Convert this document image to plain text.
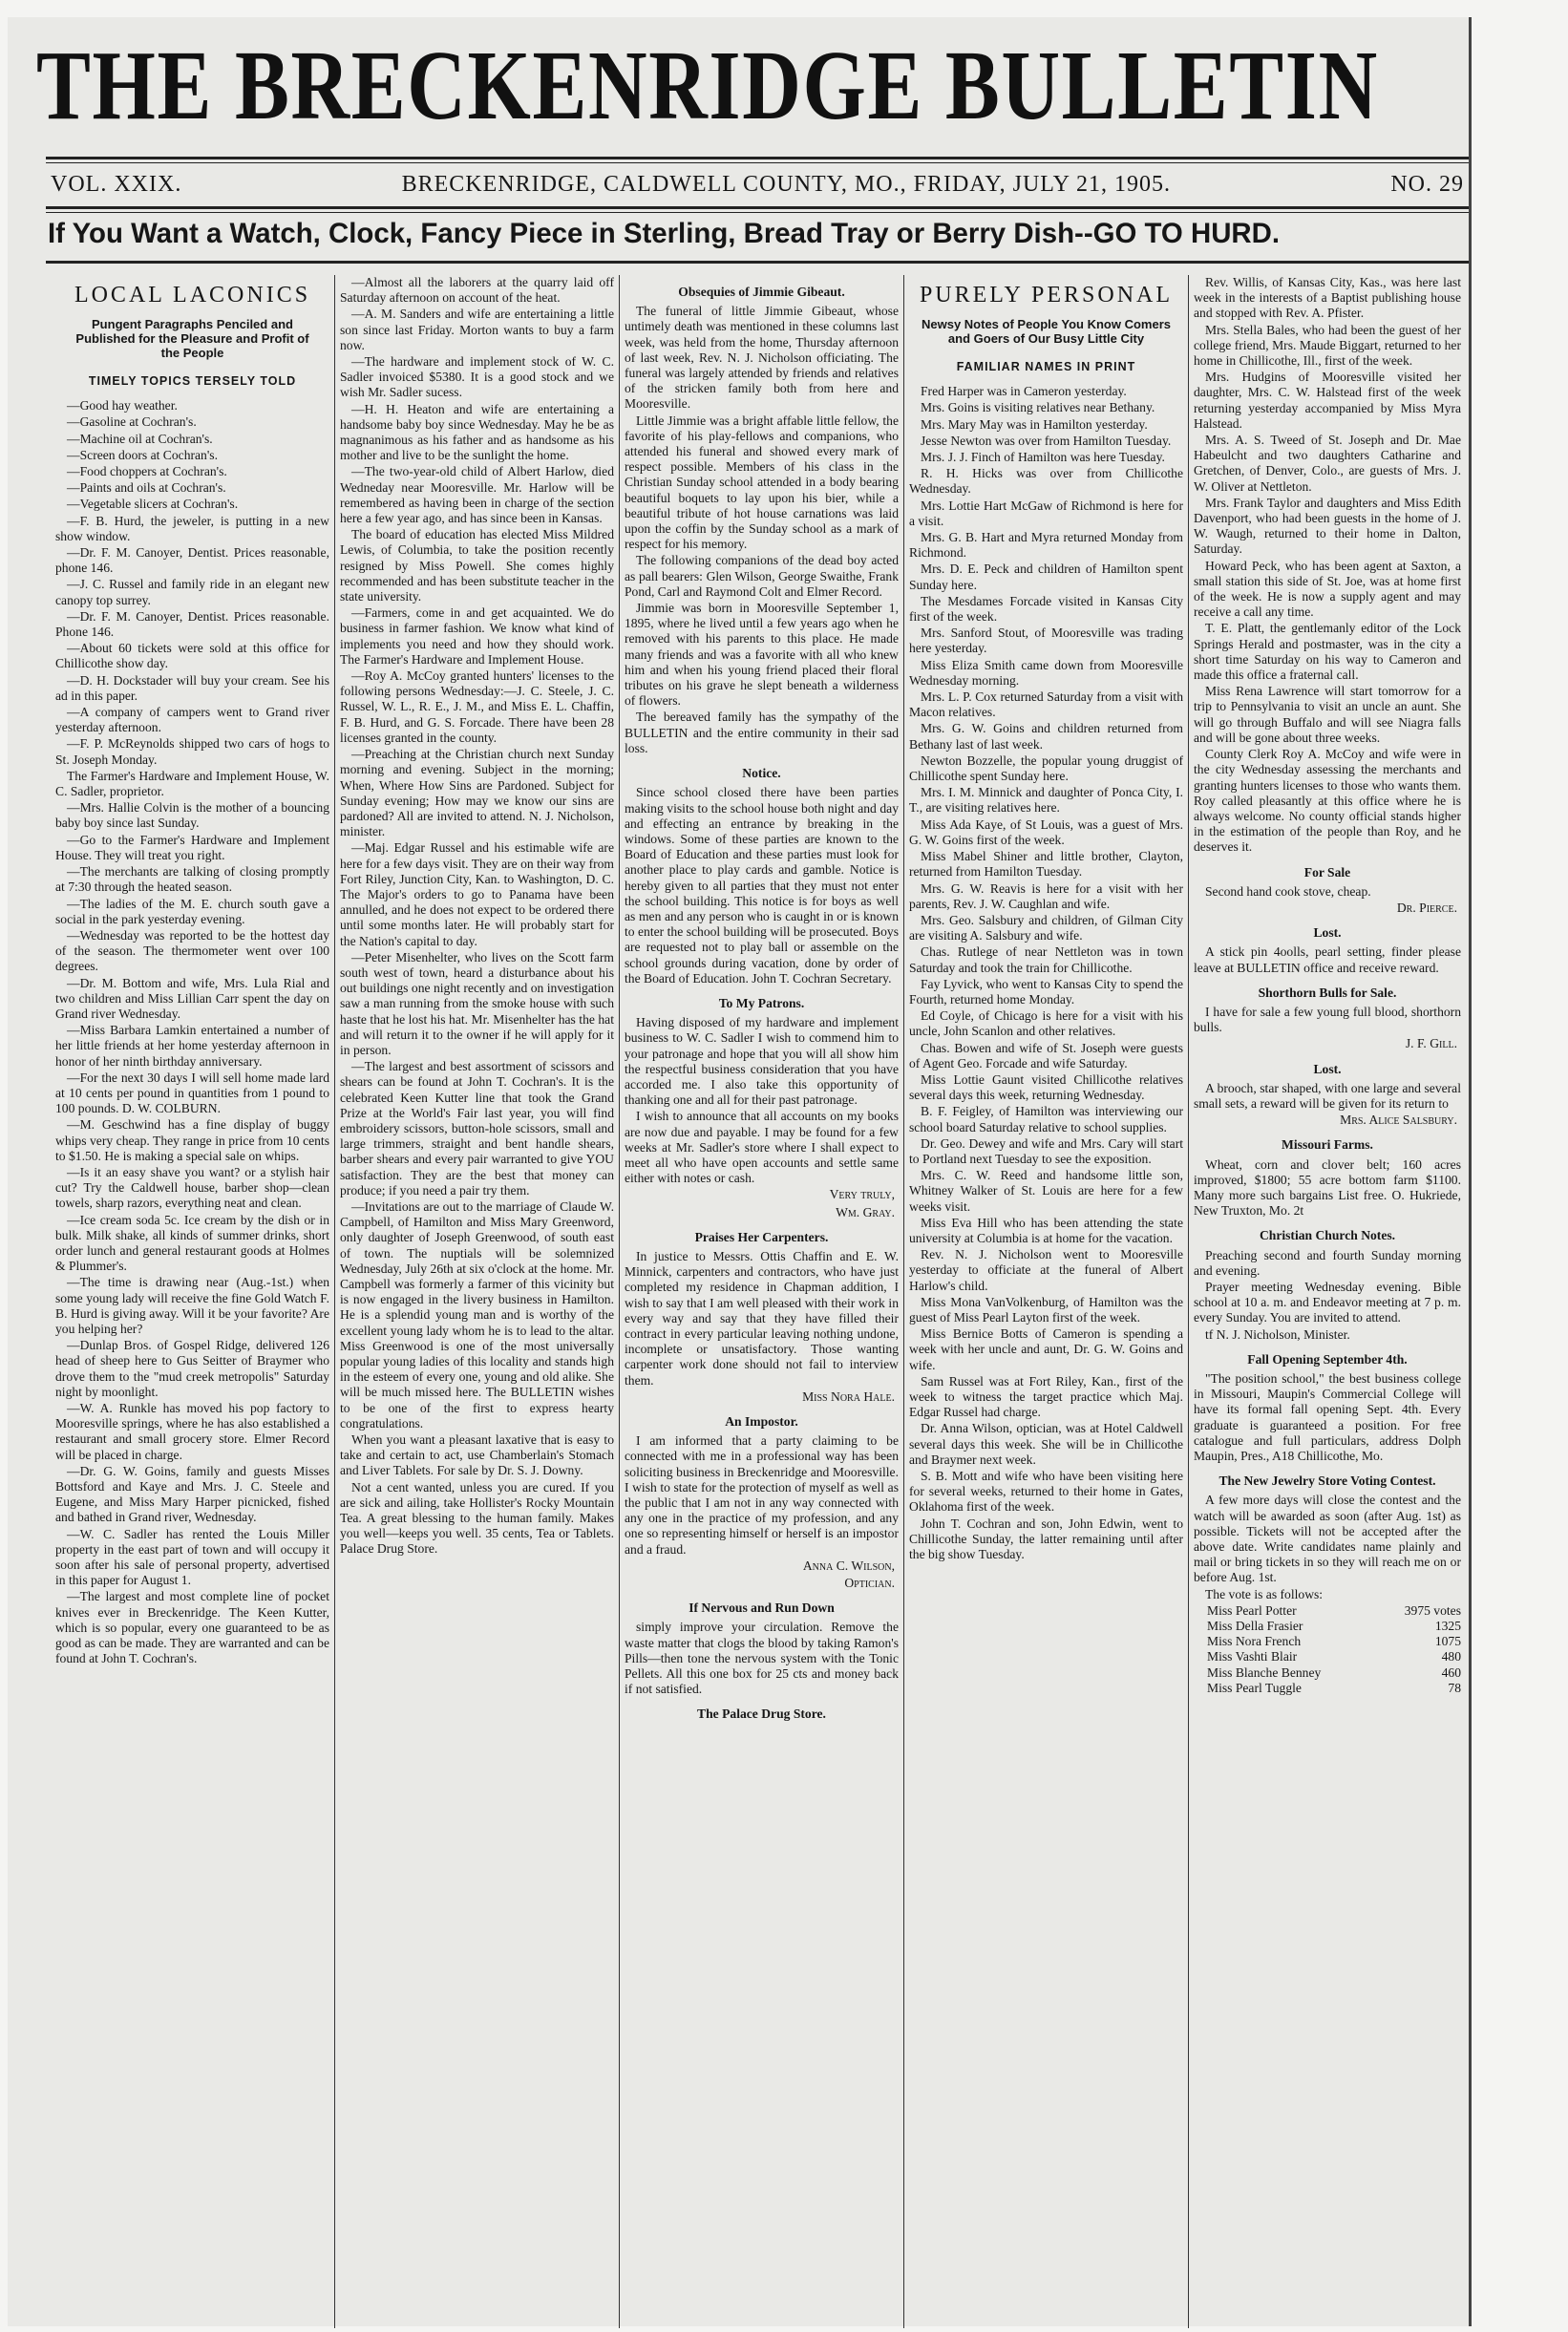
THE BRECKENRIDGE BULLETIN
VOL. XXIX.	BRECKENRIDGE, CALDWELL COUNTY, MO., FRIDAY, JULY 21, 1905.	NO. 29
If You Want a Watch, Clock, Fancy Piece in Sterling, Bread Tray or Berry Dish--GO TO HURD.
LOCAL LACONICS
Pungent Paragraphs Penciled and Published for the Pleasure and Profit of the People
TIMELY TOPICS TERSELY TOLD
—Good hay weather.
—Gasoline at Cochran's.
—Machine oil at Cochran's.
—Screen doors at Cochran's.
—Food choppers at Cochran's.
—Paints and oils at Cochran's.
—Vegetable slicers at Cochran's.
—F. B. Hurd, the jeweler, is putting in a new show window.
—Dr. F. M. Canoyer, Dentist. Prices reasonable, phone 146.
—J. C. Russel and family ride in an elegant new canopy top surrey.
—Dr. F. M. Canoyer, Dentist. Prices reasonable. Phone 146.
—About 60 tickets were sold at this office for Chillicothe show day.
—D. H. Dockstader will buy your cream. See his ad in this paper.
—A company of campers went to Grand river yesterday afternoon.
—F. P. McReynolds shipped two cars of hogs to St. Joseph Monday.
The Farmer's Hardware and Implement House, W. C. Sadler, proprietor.
—Mrs. Hallie Colvin is the mother of a bouncing baby boy since last Sunday.
—Go to the Farmer's Hardware and Implement House. They will treat you right.
—The merchants are talking of closing promptly at 7:30 through the heated season.
—The ladies of the M. E. church south gave a social in the park yesterday evening.
—Wednesday was reported to be the hottest day of the season. The thermometer went over 100 degrees.
—Dr. M. Bottom and wife, Mrs. Lula Rial and two children and Miss Lillian Carr spent the day on Grand river Wednesday.
—Miss Barbara Lamkin entertained a number of her little friends at her home yesterday afternoon in honor of her ninth birthday anniversary.
—For the next 30 days I will sell home made lard at 10 cents per pound in quantities from 1 pound to 100 pounds. D. W. COLBURN.
—M. Geschwind has a fine display of buggy whips very cheap. They range in price from 10 cents to $1.50. He is making a special sale on whips.
—Is it an easy shave you want? or a stylish hair cut? Try the Caldwell house, barber shop—clean towels, sharp razors, everything neat and clean.
—Ice cream soda 5c. Ice cream by the dish or in bulk. Milk shake, all kinds of summer drinks, short order lunch and general restaurant goods at Holmes & Plummer's.
—The time is drawing near (Aug.-1st.) when some young lady will receive the fine Gold Watch F. B. Hurd is giving away. Will it be your favorite? Are you helping her?
—Dunlap Bros. of Gospel Ridge, delivered 126 head of sheep here to Gus Seitter of Braymer who drove them to the "mud creek metropolis" Saturday night by moonlight.
—W. A. Runkle has moved his pop factory to Mooresville springs, where he has also established a restaurant and small grocery store. Elmer Record will be placed in charge.
—Dr. G. W. Goins, family and guests Misses Bottsford and Kaye and Mrs. J. C. Steele and Eugene, and Miss Mary Harper picnicked, fished and bathed in Grand river, Wednesday.
—W. C. Sadler has rented the Louis Miller property in the east part of town and will occupy it soon after his sale of personal property, advertised in this paper for August 1.
—The largest and most complete line of pocket knives ever in Breckenridge. The Keen Kutter, which is so popular, every one guaranteed to be as good as can be made. They are warranted and can be found at John T. Cochran's.
—Almost all the laborers at the quarry laid off Saturday afternoon on account of the heat.
—A. M. Sanders and wife are entertaining a little son since last Friday. Morton wants to buy a farm now.
—The hardware and implement stock of W. C. Sadler invoiced $5380. It is a good stock and we wish Mr. Sadler sucess.
—H. H. Heaton and wife are entertaining a handsome baby boy since Wednesday. May he be as magnanimous as his father and as handsome as his mother and live to be the sunlight the home.
—The two-year-old child of Albert Harlow, died Wedneday near Mooresville. Mr. Harlow will be remembered as having been in charge of the section here a few year ago, and has since been in Kansas.
The board of education has elected Miss Mildred Lewis, of Columbia, to take the position recently resigned by Miss Powell. She comes highly recommended and has been substitute teacher in the state university.
—Farmers, come in and get acquainted. We do business in farmer fashion. We know what kind of implements you need and how they should work. The Farmer's Hardware and Implement House.
—Roy A. McCoy granted hunters' licenses to the following persons Wednesday:—J. C. Steele, J. C. Russel, W. L., R. E., J. M., and Miss E. L. Chaffin, F. B. Hurd, and G. S. Forcade. There have been 28 licenses granted in the county.
—Preaching at the Christian church next Sunday morning and evening. Subject in the morning; When, Where How Sins are Pardoned. Subject for Sunday evening; How may we know our sins are pardoned? All are invited to attend. N. J. Nicholson, minister.
—Maj. Edgar Russel and his estimable wife are here for a few days visit. They are on their way from Fort Riley, Junction City, Kan. to Washington, D. C. The Major's orders to go to Panama have been annulled, and he does not expect to be ordered there until some months later. He will probably start for the Nation's capital to day.
—Peter Misenhelter, who lives on the Scott farm south west of town, heard a disturbance about his out buildings one night recently and on investigation saw a man running from the smoke house with such haste that he lost his hat. Mr. Misenhelter has the hat and will return it to the owner if he will apply for it in person.
—The largest and best assortment of scissors and shears can be found at John T. Cochran's. It is the celebrated Keen Kutter line that took the Grand Prize at the World's Fair last year, you will find embroidery scissors, button-hole scissors, small and large trimmers, straight and bent handle shears, barber shears and every pair warranted to give YOU satisfaction. They are the best that money can produce; if you need a pair try them.
—Invitations are out to the marriage of Claude W. Campbell, of Hamilton and Miss Mary Greenword, only daughter of Joseph Greenwood, of south east of town. The nuptials will be solemnized Wednesday, July 26th at six o'clock at the home. Mr. Campbell was formerly a farmer of this vicinity but is now engaged in the livery business in Hamilton. He is a splendid young man and is worthy of the excellent young lady whom he is to lead to the altar. Miss Greenwood is one of the most universally popular young ladies of this locality and stands high in the esteem of every one, young and old alike. She will be much missed here. The BULLETIN wishes to be one of the first to express hearty congratulations.
When you want a pleasant laxative that is easy to take and certain to act, use Chamberlain's Stomach and Liver Tablets. For sale by Dr. S. J. Downy.
Not a cent wanted, unless you are cured. If you are sick and ailing, take Hollister's Rocky Mountain Tea. A great blessing to the human family. Makes you well—keeps you well. 35 cents, Tea or Tablets. Palace Drug Store.
Obsequies of Jimmie Gibeaut.
The funeral of little Jimmie Gibeaut, whose untimely death was mentioned in these columns last week, was held from the home, Thursday afternoon of last week, Rev. N. J. Nicholson officiating. The funeral was largely attended by friends and relatives of the stricken family both from here and Mooresville.
Little Jimmie was a bright affable little fellow, the favorite of his play-fellows and companions, who attended his funeral and showed every mark of respect possible. Members of his class in the Christian Sunday school attended in a body bearing beautiful boquets to lay upon his bier, while a beautiful tribute of hot house carnations was laid upon the coffin by the Sunday school as a mark of respect for his memory.
The following companions of the dead boy acted as pall bearers: Glen Wilson, George Swaithe, Frank Pond, Carl and Raymond Colt and Elmer Record.
Jimmie was born in Mooresville September 1, 1895, where he lived until a few years ago when he removed with his parents to this place. He made many friends and was a favorite with all who knew him and when his young friend placed their floral tributes on his grave he slept beneath a wilderness of flowers.
The bereaved family has the sympathy of the BULLETIN and the entire community in their sad loss.
Notice.
Since school closed there have been parties making visits to the school house both night and day and effecting an entrance by breaking in the windows. Some of these parties are known to the Board of Education and these parties must look for another place to play cards and gamble. Notice is hereby given to all parties that they must not enter the school building. This notice is for boys as well as men and any person who is caught in or is known to enter the school building will be prosecuted. Boys are requested not to play ball or assemble on the school grounds during vacation, done by order of the Board of Education. John T. Cochran Secretary.
To My Patrons.
Having disposed of my hardware and implement business to W. C. Sadler I wish to commend him to your patronage and hope that you will all show him the respectful business consideration that you have accorded me. I also take this opportunity of thanking one and all for their past patronage.
I wish to announce that all accounts on my books are now due and payable. I may be found for a few weeks at Mr. Sadler's store where I shall expect to meet all who have open accounts and settle same either with notes or cash.
Very truly,
Wm. Gray.
Praises Her Carpenters.
In justice to Messrs. Ottis Chaffin and E. W. Minnick, carpenters and contractors, who have just completed my residence in Chapman addition, I wish to say that I am well pleased with their work in every way and say that they have filled their contract in every particular leaving nothing undone, incomplete or unsatisfactory. Those wanting carpenter work done should not fail to interview them.
Miss Nora Hale.
An Impostor.
I am informed that a party claiming to be connected with me in a professional way has been soliciting business in Breckenridge and Mooresville. I wish to state for the protection of myself as well as the public that I am not in any way connected with any one in the practice of my profession, and any one so representing himself or herself is an impostor and a fraud.
Anna C. Wilson,
Optician.
If Nervous and Run Down
simply improve your circulation. Remove the waste matter that clogs the blood by taking Ramon's Pills—then tone the nervous system with the Tonic Pellets. All this one box for 25 cts and money back if not satisfied.
The Palace Drug Store.
PURELY PERSONAL
Newsy Notes of People You Know Comers and Goers of Our Busy Little City
FAMILIAR NAMES IN PRINT
Fred Harper was in Cameron yesterday.
Mrs. Goins is visiting relatives near Bethany.
Mrs. Mary May was in Hamilton yesterday.
Jesse Newton was over from Hamilton Tuesday.
Mrs. J. J. Finch of Hamilton was here Tuesday.
R. H. Hicks was over from Chillicothe Wednesday.
Mrs. Lottie Hart McGaw of Richmond is here for a visit.
Mrs. G. B. Hart and Myra returned Monday from Richmond.
Mrs. D. E. Peck and children of Hamilton spent Sunday here.
The Mesdames Forcade visited in Kansas City first of the week.
Mrs. Sanford Stout, of Mooresville was trading here yesterday.
Miss Eliza Smith came down from Mooresville Wednesday morning.
Mrs. L. P. Cox returned Saturday from a visit with Macon relatives.
Mrs. G. W. Goins and children returned from Bethany last of last week.
Newton Bozzelle, the popular young druggist of Chillicothe spent Sunday here.
Mrs. I. M. Minnick and daughter of Ponca City, I. T., are visiting relatives here.
Miss Ada Kaye, of St Louis, was a guest of Mrs. G. W. Goins first of the week.
Miss Mabel Shiner and little brother, Clayton, returned from Hamilton Tuesday.
Mrs. G. W. Reavis is here for a visit with her parents, Rev. J. W. Caughlan and wife.
Mrs. Geo. Salsbury and children, of Gilman City are visiting A. Salsbury and wife.
Chas. Rutlege of near Nettleton was in town Saturday and took the train for Chillicothe.
Fay Lyvick, who went to Kansas City to spend the Fourth, returned home Monday.
Ed Coyle, of Chicago is here for a visit with his uncle, John Scanlon and other relatives.
Chas. Bowen and wife of St. Joseph were guests of Agent Geo. Forcade and wife Saturday.
Miss Lottie Gaunt visited Chillicothe relatives several days this week, returning Wednesday.
B. F. Feigley, of Hamilton was interviewing our school board Saturday relative to school supplies.
Dr. Geo. Dewey and wife and Mrs. Cary will start to Portland next Tuesday to see the exposition.
Mrs. C. W. Reed and handsome little son, Whitney Walker of St. Louis are here for a few weeks visit.
Miss Eva Hill who has been attending the state university at Columbia is at home for the vacation.
Rev. N. J. Nicholson went to Mooresville yesterday to officiate at the funeral of Albert Harlow's child.
Miss Mona VanVolkenburg, of Hamilton was the guest of Miss Pearl Layton first of the week.
Miss Bernice Botts of Cameron is spending a week with her uncle and aunt, Dr. G. W. Goins and wife.
Sam Russel was at Fort Riley, Kan., first of the week to witness the target practice which Maj. Edgar Russel had charge.
Dr. Anna Wilson, optician, was at Hotel Caldwell several days this week. She will be in Chillicothe and Braymer next week.
S. B. Mott and wife who have been visiting here for several weeks, returned to their home in Gates, Oklahoma first of the week.
John T. Cochran and son, John Edwin, went to Chillicothe Sunday, the latter remaining until after the big show Tuesday.
Rev. Willis, of Kansas City, Kas., was here last week in the interests of a Baptist publishing house and stopped with Rev. A. Pfister.
Mrs. Stella Bales, who had been the guest of her college friend, Mrs. Maude Biggart, returned to her home in Chillicothe, Ill., first of the week.
Mrs. Hudgins of Mooresville visited her daughter, Mrs. C. W. Halstead first of the week returning yesterday accompanied by Miss Myra Halstead.
Mrs. A. S. Tweed of St. Joseph and Dr. Mae Habeulcht and two daughters Catharine and Gretchen, of Denver, Colo., are guests of Mrs. J. W. Oliver at Nettleton.
Mrs. Frank Taylor and daughters and Miss Edith Davenport, who had been guests in the home of J. W. Waugh, returned to their home in Dalton, Saturday.
Howard Peck, who has been agent at Saxton, a small station this side of St. Joe, was at home first of the week. He is now a supply agent and may receive a call any time.
T. E. Platt, the gentlemanly editor of the Lock Springs Herald and postmaster, was in the city a short time Saturday on his way to Cameron and made this office a fraternal call.
Miss Rena Lawrence will start tomorrow for a trip to Pennsylvania to visit an uncle an aunt. She will go through Buffalo and will see Niagra falls and will be gone about three weeks.
County Clerk Roy A. McCoy and wife were in the city Wednesday assessing the merchants and granting hunters licenses to those who wants them. Roy called pleasantly at this office where he is always welcome. No county official stands higher in the estimation of the people than Roy, and he deserves it.
For Sale
Second hand cook stove, cheap.
Dr. Pierce.
Lost.
A stick pin 4oolls, pearl setting, finder please leave at BULLETIN office and receive reward.
Shorthorn Bulls for Sale.
I have for sale a few young full blood, shorthorn bulls.
J. F. Gill.
Lost.
A brooch, star shaped, with one large and several small sets, a reward will be given for its return to
Mrs. Alice Salsbury.
Missouri Farms.
Wheat, corn and clover belt; 160 acres improved, $1800; 55 acre bottom farm $1100. Many more such bargains List free. O. Hukriede, New Truxton, Mo. 2t
Christian Church Notes.
Preaching second and fourth Sunday morning and evening.
Prayer meeting Wednesday evening. Bible school at 10 a. m. and Endeavor meeting at 7 p. m. every Sunday. You are invited to attend.
tf N. J. Nicholson, Minister.
Fall Opening September 4th.
"The position school," the best business college in Missouri, Maupin's Commercial College will have its formal fall opening Sept. 4th. Every graduate is guaranteed a position. For free catalogue and full particulars, address Dolph Maupin, Pres., A18 Chillicothe, Mo.
The New Jewelry Store Voting Contest.
A few more days will close the contest and the watch will be awarded as soon (after Aug. 1st) as possible. Tickets will not be accepted after the above date. Write candidates name plainly and mail or bring tickets in so they will reach me on or before Aug. 1st.
The vote is as follows:
Miss Pearl Potter	3975 votes
Miss Della Frasier	1325
Miss Nora French	1075
Miss Vashti Blair	480
Miss Blanche Benney	460
Miss Pearl Tuggle	78
